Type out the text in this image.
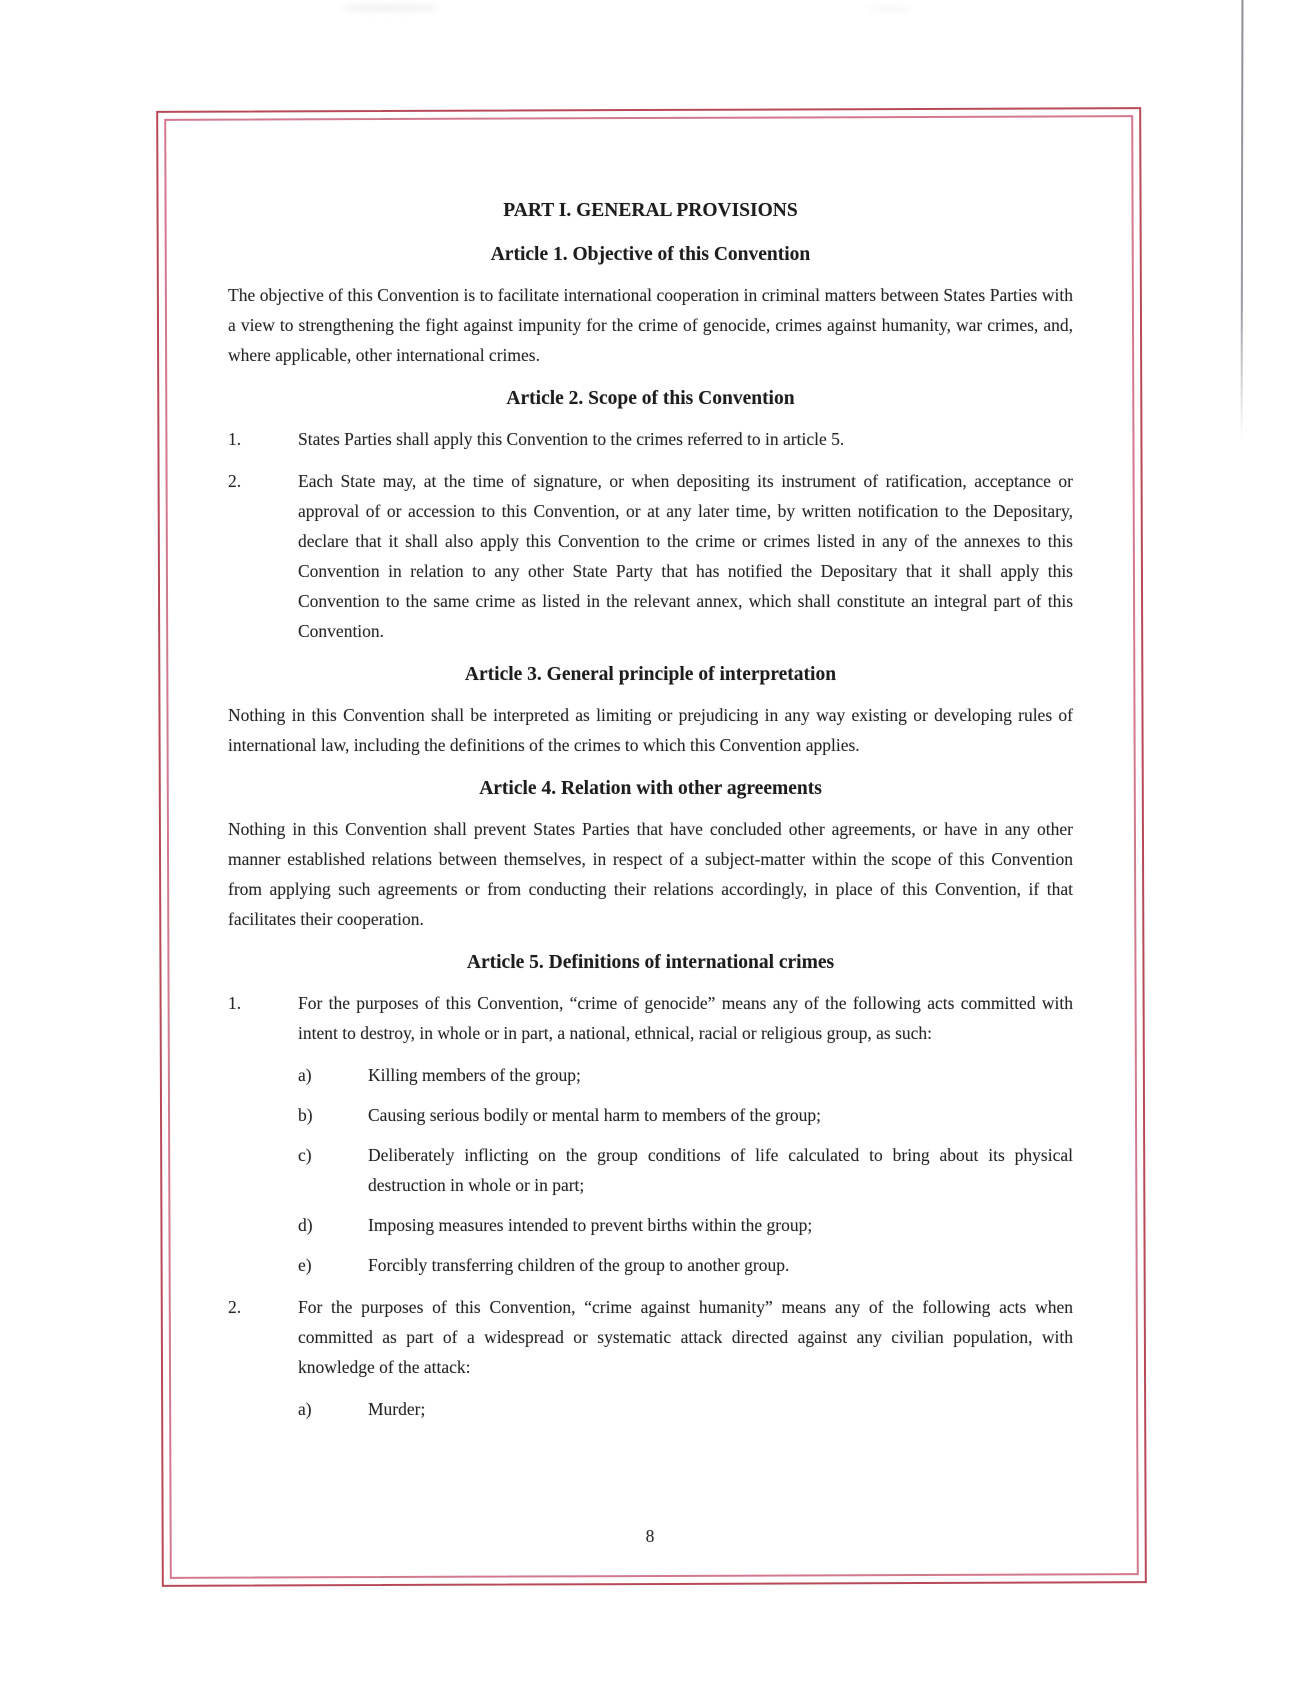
PART I. GENERAL PROVISIONS
Article 1. Objective of this Convention

The objective of this Convention is to facilitate international cooperation in criminal matters between States Parties with a view to strengthening the fight against impunity for the crime of genocide, crimes against humanity, war crimes, and, where applicable, other international crimes.

Article 2. Scope of this Convention
1.	States Parties shall apply this Convention to the crimes referred to in article 5.
2.	Each State may, at the time of signature, or when depositing its instrument of ratification, acceptance or approval of or accession to this Convention, or at any later time, by written notification to the Depositary, declare that it shall also apply this Convention to the crime or crimes listed in any of the annexes to this Convention in relation to any other State Party that has notified the Depositary that it shall apply this Convention to the same crime as listed in the relevant annex, which shall constitute an integral part of this Convention.
Article 3. General principle of interpretation

Nothing in this Convention shall be interpreted as limiting or prejudicing in any way existing or developing rules of international law, including the definitions of the crimes to which this Convention applies.

Article 4. Relation with other agreements

Nothing in this Convention shall prevent States Parties that have concluded other agreements, or have in any other manner established relations between themselves, in respect of a subject-matter within the scope of this Convention from applying such agreements or from conducting their relations accordingly, in place of this Convention, if that facilitates their cooperation.

Article 5. Definitions of international crimes
1.	For the purposes of this Convention, “crime of genocide” means any of the following acts committed with intent to destroy, in whole or in part, a national, ethnical, racial or religious group, as such:
a)	Killing members of the group;
b)	Causing serious bodily or mental harm to members of the group;
c)	Deliberately inflicting on the group conditions of life calculated to bring about its physical destruction in whole or in part;
d)	Imposing measures intended to prevent births within the group;
e)	Forcibly transferring children of the group to another group.
2.	For the purposes of this Convention, “crime against humanity” means any of the following acts when committed as part of a widespread or systematic attack directed against any civilian population, with knowledge of the attack:
a)	Murder;
8
